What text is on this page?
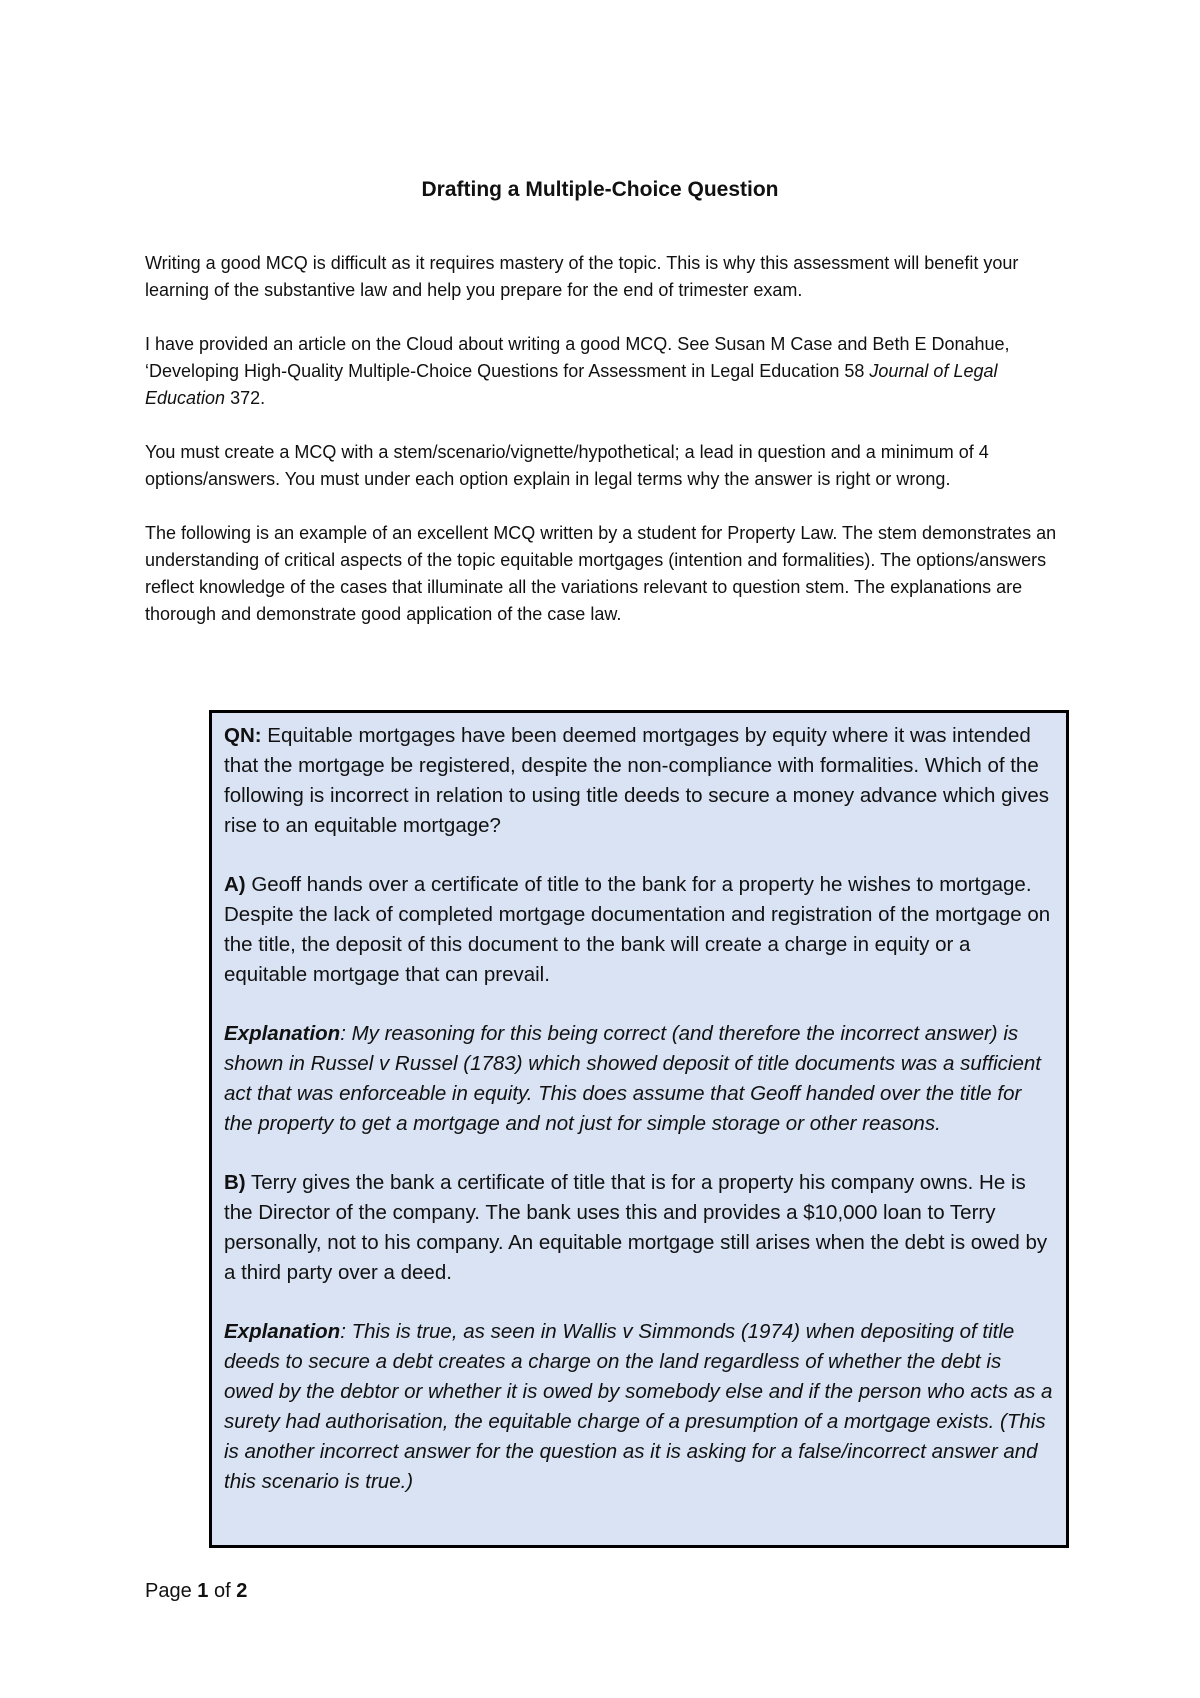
Drafting a Multiple-Choice Question

Writing a good MCQ is difficult as it requires mastery of the topic. This is why this assessment will benefit your learning of the substantive law and help you prepare for the end of trimester exam.

I have provided an article on the Cloud about writing a good MCQ. See Susan M Case and Beth E Donahue, ‘Developing High-Quality Multiple-Choice Questions for Assessment in Legal Education 58 Journal of Legal Education 372.

You must create a MCQ with a stem/scenario/vignette/hypothetical; a lead in question and a minimum of 4 options/answers. You must under each option explain in legal terms why the answer is right or wrong.

The following is an example of an excellent MCQ written by a student for Property Law. The stem demonstrates an understanding of critical aspects of the topic equitable mortgages (intention and formalities). The options/answers reflect knowledge of the cases that illuminate all the variations relevant to question stem. The explanations are thorough and demonstrate good application of the case law.

QN: Equitable mortgages have been deemed mortgages by equity where it was intended that the mortgage be registered, despite the non-compliance with formalities. Which of the following is incorrect in relation to using title deeds to secure a money advance which gives rise to an equitable mortgage?

A) Geoff hands over a certificate of title to the bank for a property he wishes to mortgage. Despite the lack of completed mortgage documentation and registration of the mortgage on the title, the deposit of this document to the bank will create a charge in equity or a equitable mortgage that can prevail.

Explanation: My reasoning for this being correct (and therefore the incorrect answer) is shown in Russel v Russel (1783) which showed deposit of title documents was a sufficient act that was enforceable in equity. This does assume that Geoff handed over the title for the property to get a mortgage and not just for simple storage or other reasons.

B) Terry gives the bank a certificate of title that is for a property his company owns. He is the Director of the company. The bank uses this and provides a $10,000 loan to Terry personally, not to his company. An equitable mortgage still arises when the debt is owed by a third party over a deed.

Explanation: This is true, as seen in Wallis v Simmonds (1974) when depositing of title deeds to secure a debt creates a charge on the land regardless of whether the debt is owed by the debtor or whether it is owed by somebody else and if the person who acts as a surety had authorisation, the equitable charge of a presumption of a mortgage exists. (This is another incorrect answer for the question as it is asking for a false/incorrect answer and this scenario is true.)

Page 1 of 2
